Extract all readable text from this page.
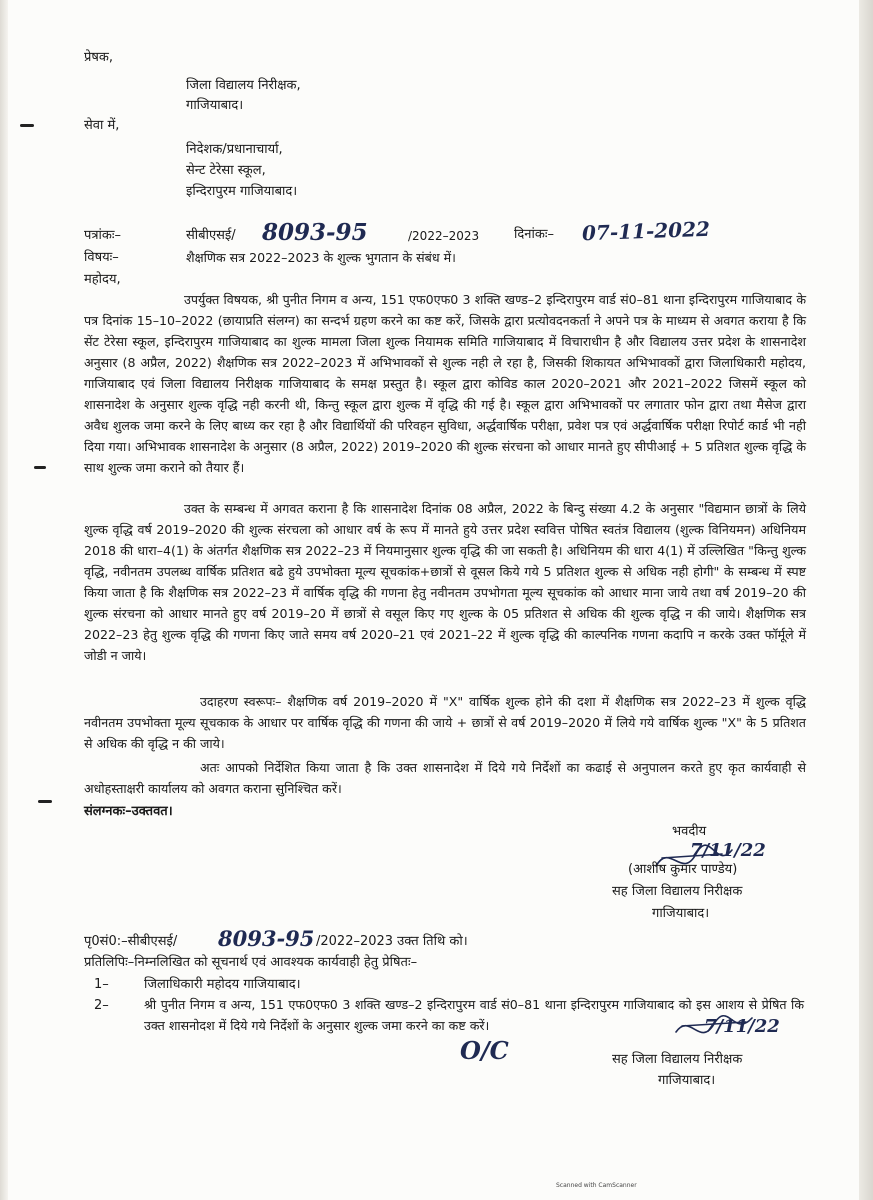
प्रेषक,
जिला विद्यालय निरीक्षक,
गाजियाबाद।
सेवा में,
निदेशक/प्रधानाचार्या,
सेन्ट टेरेसा स्कूल,
इन्दिरापुरम गाजियाबाद।
पत्रांकः–	सीबीएसई/ 8093-95	/2022–2023	दिनांकः– 07-11-2022
विषयः–	शैक्षणिक सत्र 2022–2023 के शुल्क भुगतान के संबंध में।
महोदय,
उपर्युक्त विषयक, श्री पुनीत निगम व अन्य, 151 एफ0एफ0 3 शक्ति खण्ड–2 इन्दिरापुरम वार्ड सं0–81 थाना इन्दिरापुरम गाजियाबाद के पत्र दिनांक 15–10–2022 (छायाप्रति संलग्न) का सन्दर्भ ग्रहण करने का कष्ट करें, जिसके द्वारा प्रत्योवदनकर्ता ने अपने पत्र के माध्यम से अवगत कराया है कि सेंट टेरेसा स्कूल, इन्दिरापुरम गाजियाबाद का शुल्क मामला जिला शुल्क नियामक समिति गाजियाबाद में विचाराधीन है और विद्यालय उत्तर प्रदेश के शासनादेश अनुसार (8 अप्रैल, 2022) शैक्षणिक सत्र 2022–2023 में अभिभावकों से शुल्क नही ले रहा है, जिसकी शिकायत अभिभावकों द्वारा जिलाधिकारी महोदय, गाजियाबाद एवं जिला विद्यालय निरीक्षक गाजियाबाद के समक्ष प्रस्तुत है। स्कूल द्वारा कोविड काल 2020–2021 और 2021–2022 जिसमें स्कूल को शासनादेश के अनुसार शुल्क वृद्धि नही करनी थी, किन्तु स्कूल द्वारा शुल्क में वृद्धि की गई है। स्कूल द्वारा अभिभावकों पर लगातार फोन द्वारा तथा मैसेज द्वारा अवैध शुलक जमा करने के लिए बाध्य कर रहा है और विद्यार्थियों की परिवहन सुविधा, अर्द्धवार्षिक परीक्षा, प्रवेश पत्र एवं अर्द्धवार्षिक परीक्षा रिपोर्ट कार्ड भी नही दिया गया। अभिभावक शासनादेश के अनुसार (8 अप्रैल, 2022) 2019–2020 की शुल्क संरचना को आधार मानते हुए सीपीआई + 5 प्रतिशत शुल्क वृद्धि के साथ शुल्क जमा कराने को तैयार हैं।
उक्त के सम्बन्ध में अगवत कराना है कि शासनादेश दिनांक 08 अप्रैल, 2022 के बिन्दु संख्या 4.2 के अनुसार "विद्यमान छात्रों के लिये शुल्क वृद्धि वर्ष 2019–2020 की शुल्क संरचला को आधार वर्ष के रूप में मानते हुये उत्तर प्रदेश स्ववित्त पोषित स्वतंत्र विद्यालय (शुल्क विनियमन) अधिनियम 2018 की धारा–4(1) के अंतर्गत शैक्षणिक सत्र 2022–23 में नियमानुसार शुल्क वृद्धि की जा सकती है। अधिनियम की धारा 4(1) में उल्लिखित "किन्तु शुल्क वृद्धि, नवीनतम उपलब्ध वार्षिक प्रतिशत बढे हुये उपभोक्ता मूल्य सूचकांक+छात्रों से वूसल किये गये 5 प्रतिशत शुल्क से अधिक नही होगी" के सम्बन्ध में स्पष्ट किया जाता है कि शैक्षणिक सत्र 2022–23 में वार्षिक वृद्धि की गणना हेतु नवीनतम उपभोगता मूल्य सूचकांक को आधार माना जाये तथा वर्ष 2019–20 की शुल्क संरचना को आधार मानते हुए वर्ष 2019–20 में छात्रों से वसूल किए गए शुल्क के 05 प्रतिशत से अधिक की शुल्क वृद्धि न की जाये। शैक्षणिक सत्र 2022–23 हेतु शुल्क वृद्धि की गणना किए जाते समय वर्ष 2020–21 एवं 2021–22 में शुल्क वृद्धि की काल्पनिक गणना कदापि न करके उक्त फॉर्मूले में जोडी न जाये।
उदाहरण स्वरूपः– शैक्षणिक वर्ष 2019–2020 में "X" वार्षिक शुल्क होने की दशा में शैक्षणिक सत्र 2022–23 में शुल्क वृद्धि नवीनतम उपभोक्ता मूल्य सूचकाक के आधार पर वार्षिक वृद्धि की गणना की जाये + छात्रों से वर्ष 2019–2020 में लिये गये वार्षिक शुल्क "X" के 5 प्रतिशत से अधिक की वृद्धि न की जाये।
अतः आपको निर्देशित किया जाता है कि उक्त शासनादेश में दिये गये निर्देशों का कढाई से अनुपालन करते हुए कृत कार्यवाही से अधोहस्ताक्षरी कार्यालय को अवगत कराना सुनिश्चित करें।
संलग्नकः–उक्तवत।
भवदीय
7/11/22
(आशीष कुमार पाण्डेय)
सह जिला विद्यालय निरीक्षक
गाजियाबाद।
पृ0सं0:–सीबीएसई/ 8093-95 /2022–2023 उक्त तिथि को।
प्रतिलिपिः–निम्नलिखित को सूचनार्थ एवं आवश्यक कार्यवाही हेतु प्रेषितः–
1–	जिलाधिकारी महोदय गाजियाबाद।
2–	श्री पुनीत निगम व अन्य, 151 एफ0एफ0 3 शक्ति खण्ड–2 इन्दिरापुरम वार्ड सं0–81 थाना इन्दिरापुरम गाजियाबाद को इस आशय से प्रेषित कि उक्त शासनोदश में दिये गये निर्देशों के अनुसार शुल्क जमा करने का कष्ट करें।
O/C
7/11/22
सह जिला विद्यालय निरीक्षक
गाजियाबाद।
Scanned with CamScanner
